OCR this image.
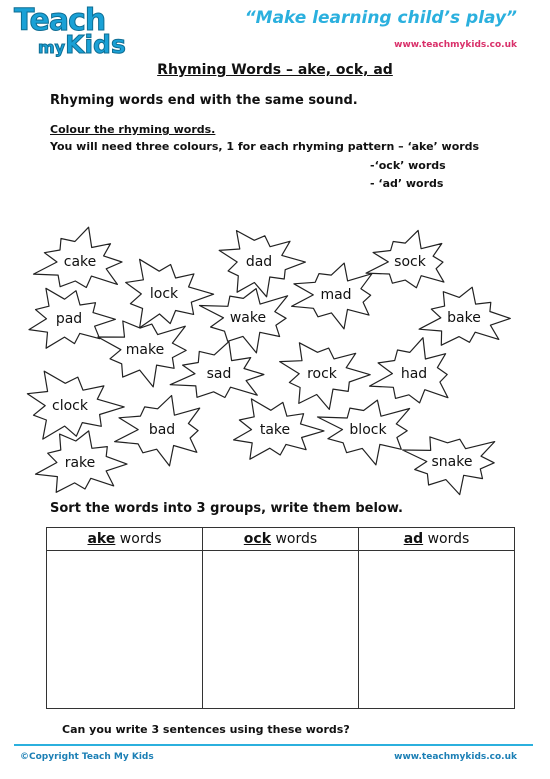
Teach
myKids
“Make learning child’s play”
www.teachmykids.co.uk
Rhyming Words – ake, ock, ad
Rhyming words end with the same sound.
Colour the rhyming words.
You will need three colours, 1 for each rhyming pattern – ‘ake’ words
-‘ock’ words
- ‘ad’ words
cake	dad	sock
lock	mad
pad	wake	bake
make
sad	rock	had
clock
bad	take	block
rake	snake
Sort the words into 3 groups, write them below.
ake words	ock words	ad words

Can you write 3 sentences using these words?
©Copyright Teach My Kids	www.teachmykids.co.uk
